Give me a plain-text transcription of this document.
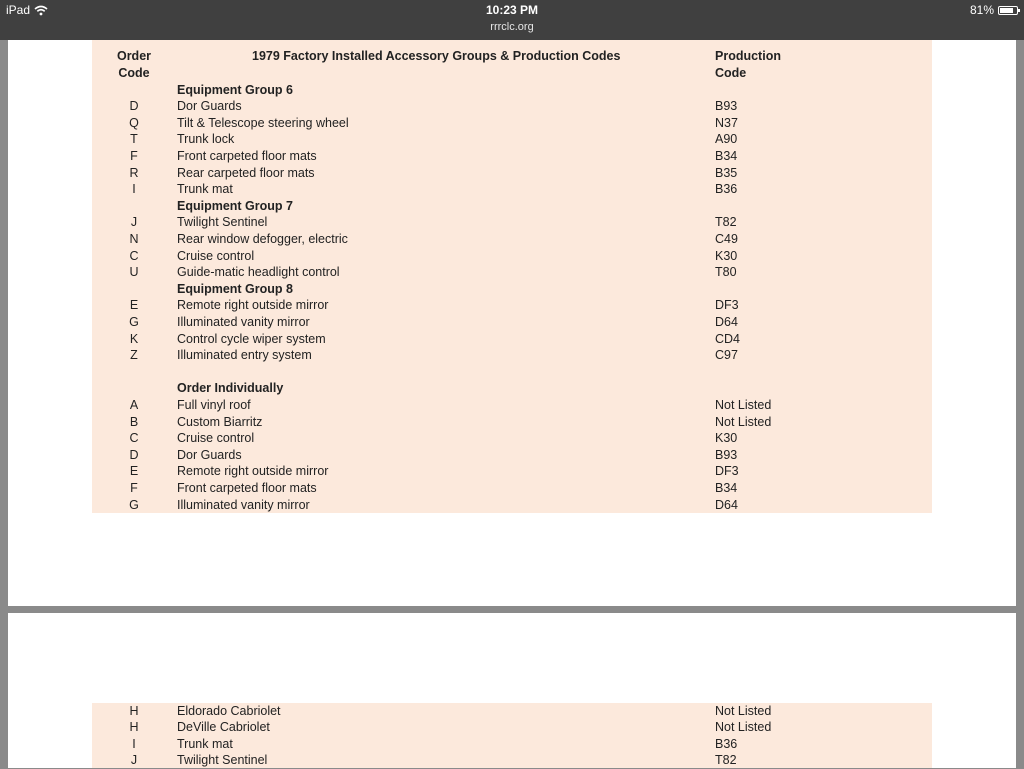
iPad	10:23 PM
rrrclc.org
81%
Order
Code
1979 Factory Installed Accessory Groups & Production Codes	Production
Code
Equipment Group 6
D	Dor Guards	B93
Q	Tilt & Telescope steering wheel	N37
T	Trunk lock	A90
F	Front carpeted floor mats	B34
R	Rear carpeted floor mats	B35
I	Trunk mat	B36
Equipment Group 7
J	Twilight Sentinel	T82
N	Rear window defogger, electric	C49
C	Cruise control	K30
U	Guide-matic headlight control	T80
Equipment Group 8
E	Remote right outside mirror	DF3
G	Illuminated vanity mirror	D64
K	Control cycle wiper system	CD4
Z	Illuminated entry system	C97
Order Individually
A	Full vinyl roof	Not Listed
B	Custom Biarritz	Not Listed
C	Cruise control	K30
D	Dor Guards	B93
E	Remote right outside mirror	DF3
F	Front carpeted floor mats	B34
G	Illuminated vanity mirror	D64
H	Eldorado Cabriolet	Not Listed
H	DeVille Cabriolet	Not Listed
I	Trunk mat	B36
J	Twilight Sentinel	T82
